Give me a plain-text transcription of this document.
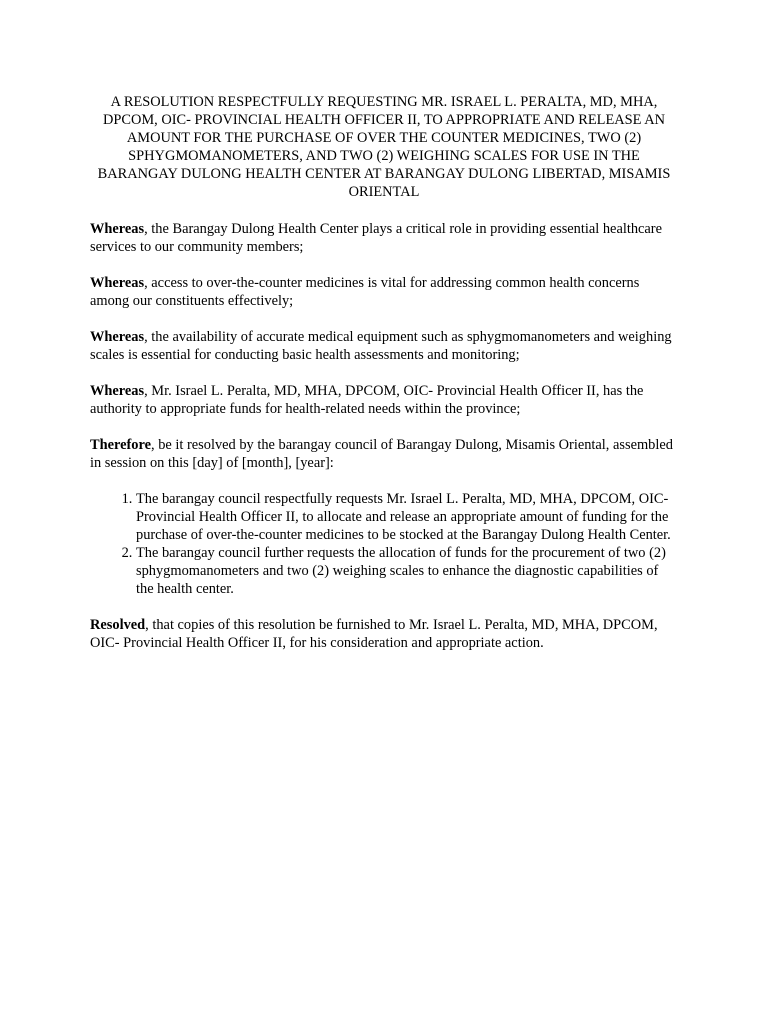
A RESOLUTION RESPECTFULLY REQUESTING MR. ISRAEL L. PERALTA, MD, MHA, DPCOM, OIC- PROVINCIAL HEALTH OFFICER II, TO APPROPRIATE AND RELEASE AN AMOUNT FOR THE PURCHASE OF OVER THE COUNTER MEDICINES, TWO (2) SPHYGMOMANOMETERS, AND TWO (2) WEIGHING SCALES FOR USE IN THE BARANGAY DULONG HEALTH CENTER AT BARANGAY DULONG LIBERTAD, MISAMIS ORIENTAL

Whereas, the Barangay Dulong Health Center plays a critical role in providing essential healthcare services to our community members;

Whereas, access to over-the-counter medicines is vital for addressing common health concerns among our constituents effectively;

Whereas, the availability of accurate medical equipment such as sphygmomanometers and weighing scales is essential for conducting basic health assessments and monitoring;

Whereas, Mr. Israel L. Peralta, MD, MHA, DPCOM, OIC- Provincial Health Officer II, has the authority to appropriate funds for health-related needs within the province;

Therefore, be it resolved by the barangay council of Barangay Dulong, Misamis Oriental, assembled in session on this [day] of [month], [year]:

1. The barangay council respectfully requests Mr. Israel L. Peralta, MD, MHA, DPCOM, OIC- Provincial Health Officer II, to allocate and release an appropriate amount of funding for the purchase of over-the-counter medicines to be stocked at the Barangay Dulong Health Center.
2. The barangay council further requests the allocation of funds for the procurement of two (2) sphygmomanometers and two (2) weighing scales to enhance the diagnostic capabilities of the health center.

Resolved, that copies of this resolution be furnished to Mr. Israel L. Peralta, MD, MHA, DPCOM, OIC- Provincial Health Officer II, for his consideration and appropriate action.
